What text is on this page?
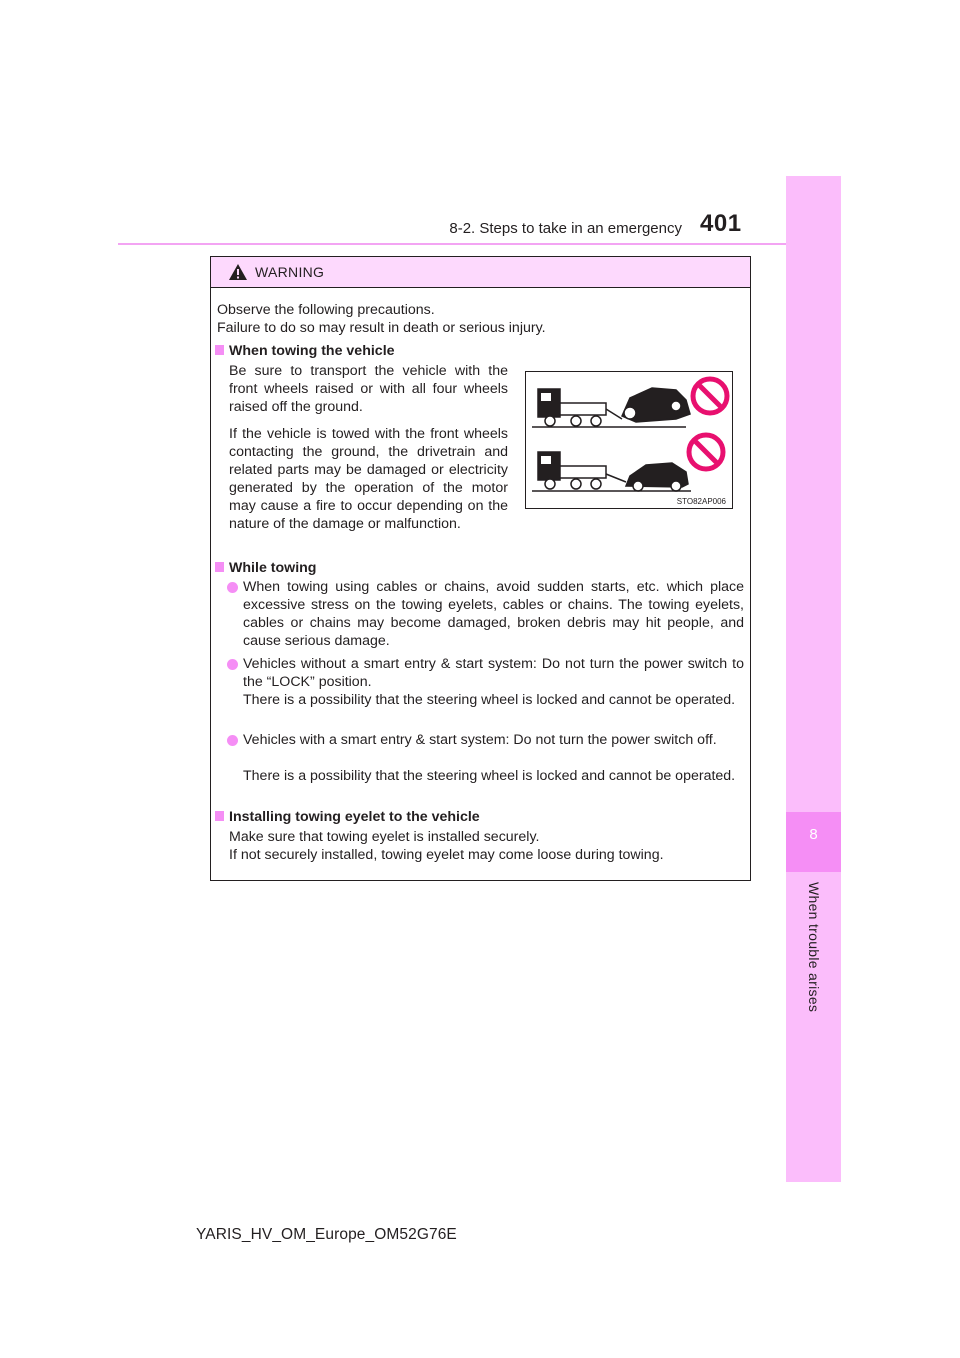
8-2. Steps to take in an emergency 401
8
When trouble arises
WARNING
Observe the following precautions.
Failure to do so may result in death or serious injury.
When towing the vehicle
Be sure to transport the vehicle with the front wheels raised or with all four wheels raised off the ground.
If the vehicle is towed with the front wheels contacting the ground, the drivetrain and related parts may be damaged or electricity generated by the operation of the motor may cause a fire to occur depending on the nature of the damage or malfunction.
STO82AP006
While towing
When towing using cables or chains, avoid sudden starts, etc. which place excessive stress on the towing eyelets, cables or chains. The towing eyelets, cables or chains may become damaged, broken debris may hit people, and cause serious damage.
Vehicles without a smart entry & start system: Do not turn the power switch to the “LOCK” position.
There is a possibility that the steering wheel is locked and cannot be operated.
Vehicles with a smart entry & start system: Do not turn the power switch off.
There is a possibility that the steering wheel is locked and cannot be operated.
Installing towing eyelet to the vehicle
Make sure that towing eyelet is installed securely.
If not securely installed, towing eyelet may come loose during towing.
YARIS_HV_OM_Europe_OM52G76E
